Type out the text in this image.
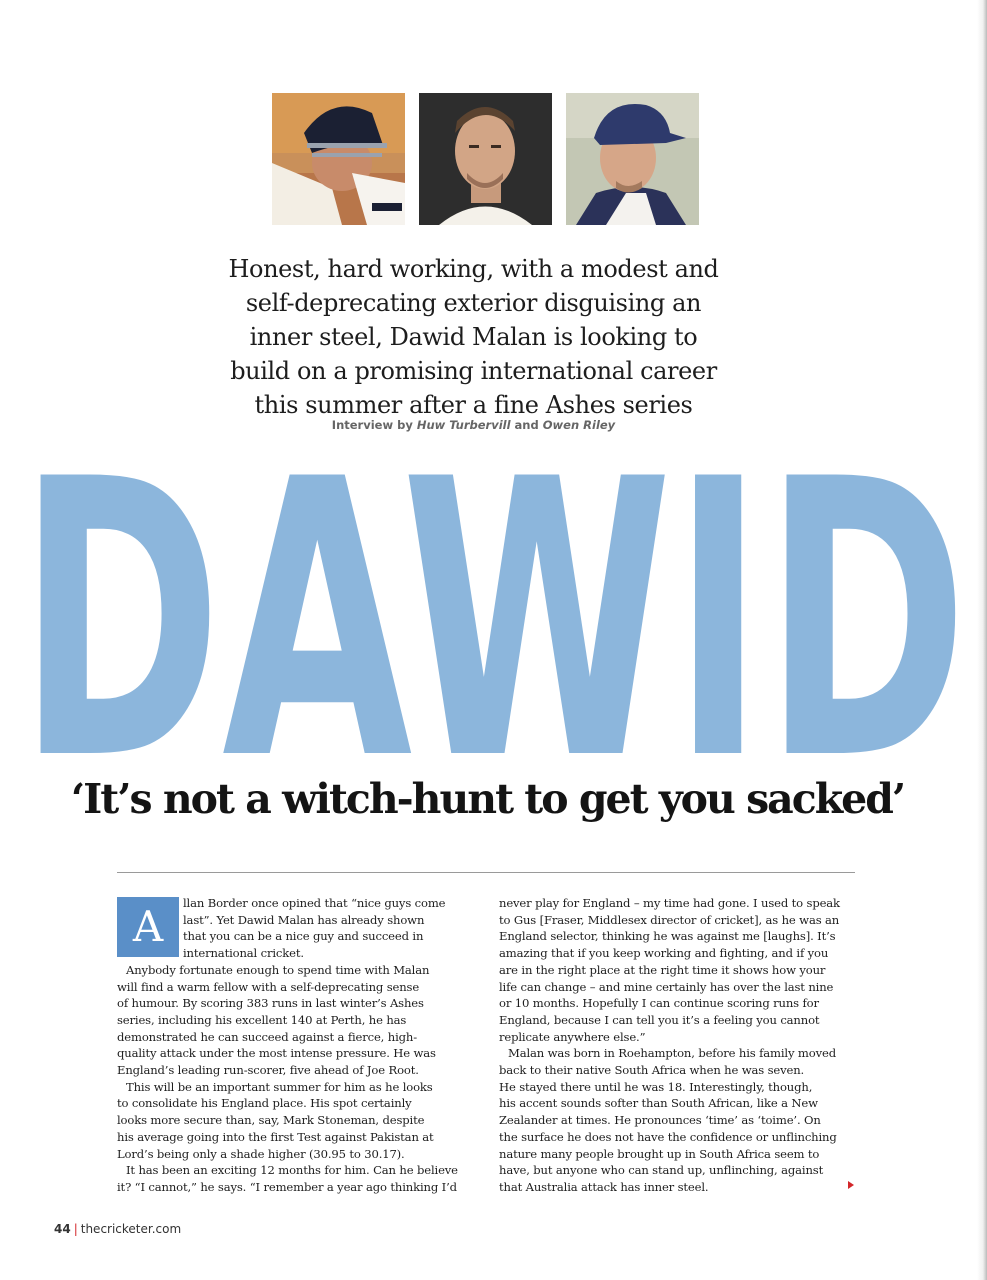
Honest, hard working, with a modest and
self-deprecating exterior disguising an
inner steel, Dawid Malan is looking to
build on a promising international career
this summer after a fine Ashes series
Interview by Huw Turbervill and Owen Riley
DAWID
‘It’s not a witch-hunt to get you sacked’
A	llan Border once opined that “nice guys come

last”. Yet Dawid Malan has already shown

that you can be a nice guy and succeed in

international cricket.

Anybody fortunate enough to spend time with Malan

will find a warm fellow with a self-deprecating sense

of humour. By scoring 383 runs in last winter’s Ashes

series, including his excellent 140 at Perth, he has

demonstrated he can succeed against a fierce, high-

quality attack under the most intense pressure. He was

England’s leading run-scorer, five ahead of Joe Root.

This will be an important summer for him as he looks

to consolidate his England place. His spot certainly

looks more secure than, say, Mark Stoneman, despite

his average going into the first Test against Pakistan at

Lord’s being only a shade higher (30.95 to 30.17).

It has been an exciting 12 months for him. Can he believe

it? “I cannot,” he says. “I remember a year ago thinking I’d

never play for England – my time had gone. I used to speak

to Gus [Fraser, Middlesex director of cricket], as he was an

England selector, thinking he was against me [laughs]. It’s

amazing that if you keep working and fighting, and if you

are in the right place at the right time it shows how your

life can change – and mine certainly has over the last nine

or 10 months. Hopefully I can continue scoring runs for

England, because I can tell you it’s a feeling you cannot

replicate anywhere else.”

Malan was born in Roehampton, before his family moved

back to their native South Africa when he was seven.

He stayed there until he was 18. Interestingly, though,

his accent sounds softer than South African, like a New

Zealander at times. He pronounces ‘time’ as ‘toime’. On

the surface he does not have the confidence or unflinching

nature many people brought up in South Africa seem to

have, but anyone who can stand up, unflinching, against

that Australia attack has inner steel.

44 | thecricketer.com
